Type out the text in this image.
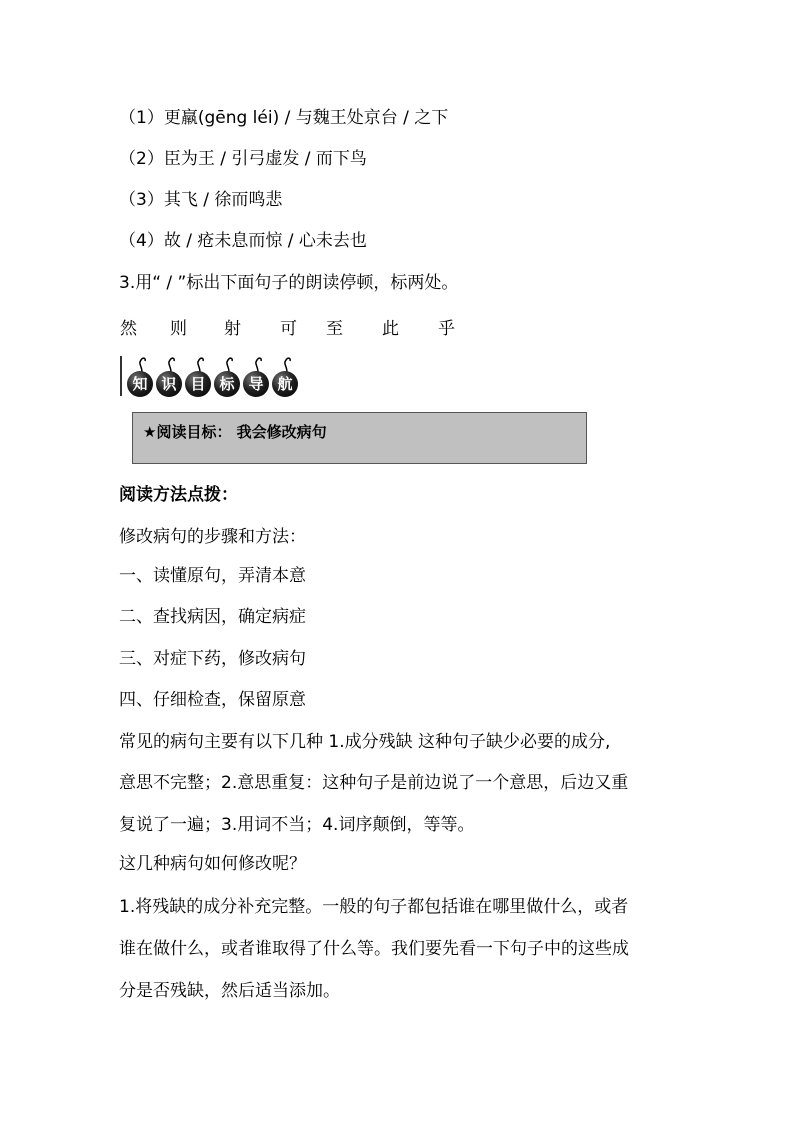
（1）更羸(gēng léi) / 与魏王处京台 / 之下
（2）臣为王 / 引弓虚发 / 而下鸟
（3）其飞 / 徐而鸣悲
（4）故 / 疮未息而惊 / 心未去也
3.用“ / ”标出下面句子的朗读停顿，标两处。
然 则 射 可 至 此 乎
知 识 目 标 导 航
★阅读目标： 我会修改病句
阅读方法点拨：
修改病句的步骤和方法：
一、读懂原句，弄清本意
二、查找病因，确定病症
三、对症下药，修改病句
四、仔细检查，保留原意
常见的病句主要有以下几种 1.成分残缺 这种句子缺少必要的成分,
意思不完整；2.意思重复：这种句子是前边说了一个意思，后边又重
复说了一遍；3.用词不当；4.词序颠倒，等等。
这几种病句如何修改呢？
1.将残缺的成分补充完整。一般的句子都包括谁在哪里做什么，或者
谁在做什么，或者谁取得了什么等。我们要先看一下句子中的这些成
分是否残缺，然后适当添加。
